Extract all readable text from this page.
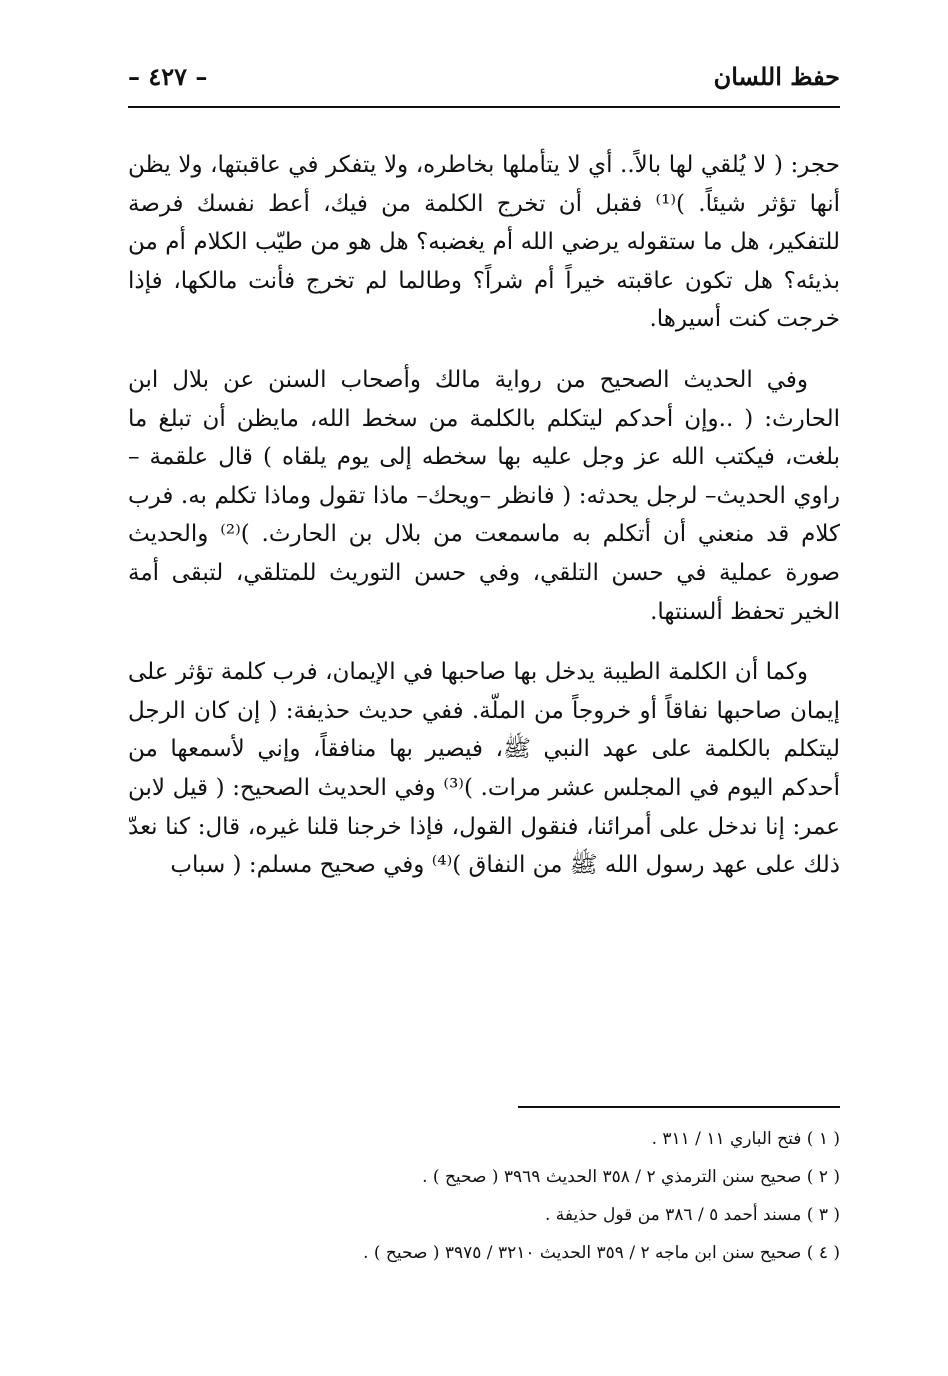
حفظ اللسان
– ٤٢٧ –

حجر: ( لا يُلقي لها بالاً.. أي لا يتأملها بخاطره، ولا يتفكر في عاقبتها، ولا يظن أنها تؤثر شيئاً. )⁽¹⁾ فقبل أن تخرج الكلمة من فيك، أعط نفسك فرصة للتفكير، هل ما ستقوله يرضي الله أم يغضبه؟ هل هو من طيّب الكلام أم من بذيئه؟ هل تكون عاقبته خيراً أم شراً؟ وطالما لم تخرج فأنت مالكها، فإذا خرجت كنت أسيرها.

وفي الحديث الصحيح من رواية مالك وأصحاب السنن عن بلال ابن الحارث: ( ..وإن أحدكم ليتكلم بالكلمة من سخط الله، مايظن أن تبلغ ما بلغت، فيكتب الله عز وجل عليه بها سخطه إلى يوم يلقاه ) قال علقمة –راوي الحديث– لرجل يحدثه: ( فانظر –ويحك– ماذا تقول وماذا تكلم به. فرب كلام قد منعني أن أتكلم به ماسمعت من بلال بن الحارث. )⁽²⁾ والحديث صورة عملية في حسن التلقي، وفي حسن التوريث للمتلقي، لتبقى أمة الخير تحفظ ألسنتها.

وكما أن الكلمة الطيبة يدخل بها صاحبها في الإيمان، فرب كلمة تؤثر على إيمان صاحبها نفاقاً أو خروجاً من الملّة. ففي حديث حذيفة: ( إن كان الرجل ليتكلم بالكلمة على عهد النبي ﷺ، فيصير بها منافقاً، وإني لأسمعها من أحدكم اليوم في المجلس عشر مرات. )⁽³⁾ وفي الحديث الصحيح: ( قيل لابن عمر: إنا ندخل على أمرائنا، فنقول القول، فإذا خرجنا قلنا غيره، قال: كنا نعدّ ذلك على عهد رسول الله ﷺ من النفاق )⁽⁴⁾ وفي صحيح مسلم: ( سباب

( ١ ) فتح الباري ١١ / ٣١١ .

( ٢ ) صحيح سنن الترمذي ٢ / ٣٥٨ الحديث ٣٩٦٩ ( صحيح ) .

( ٣ ) مسند أحمد ٥ / ٣٨٦ من قول حذيفة .

( ٤ ) صحيح سنن ابن ماجه ٢ / ٣٥٩ الحديث ٣٢١٠ / ٣٩٧٥ ( صحيح ) .
